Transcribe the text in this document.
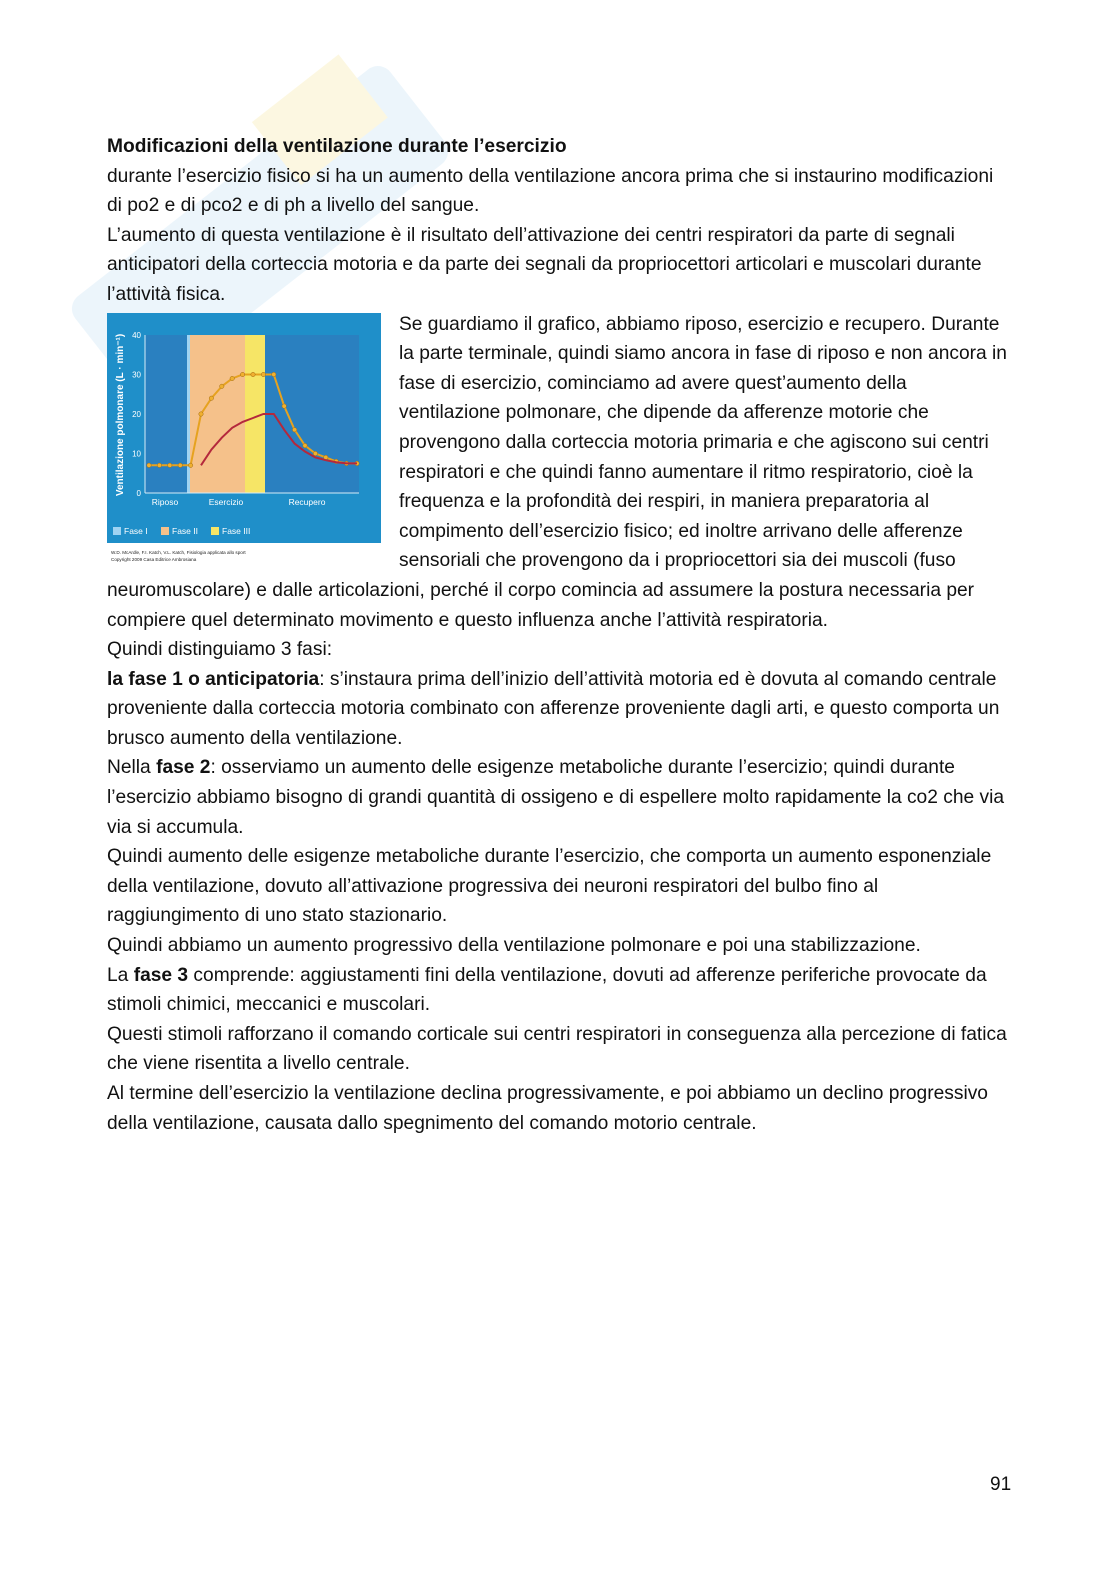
Modificazioni della ventilazione durante l’esercizio

durante l’esercizio fisico si ha un aumento della ventilazione ancora prima che si instaurino modificazioni di po2 e di pco2 e di ph a livello del sangue.

L’aumento di questa ventilazione è il risultato dell’attivazione dei centri respiratori da parte di segnali anticipatori della corteccia motoria e da parte dei segnali da propriocettori articolari e muscolari durante l’attività fisica.

0
10
20
30
40
Ventilazione polmonare (L · min⁻¹)
Riposo	Esercizio	Recupero
Fase I	Fase II	Fase III
W.D. McArdle, F.I. Katch, V.L. Katch, Fisiologia applicata allo sport
Copyright 2009 Casa Editrice Ambrosiana

Se guardiamo il grafico, abbiamo riposo, esercizio e recupero. Durante la parte terminale, quindi siamo ancora in fase di riposo e non ancora in fase di esercizio, cominciamo ad avere quest’aumento della ventilazione polmonare, che dipende da afferenze motorie che provengono dalla corteccia motoria primaria e che agiscono sui centri respiratori e che quindi fanno aumentare il ritmo respiratorio, cioè la frequenza e la profondità dei respiri, in maniera preparatoria al compimento dell’esercizio fisico; ed inoltre arrivano delle afferenze sensoriali che provengono da i propriocettori sia dei muscoli (fuso neuromuscolare) e dalle articolazioni, perché il corpo comincia ad assumere la postura necessaria per compiere quel determinato movimento e questo influenza anche l’attività respiratoria.

Quindi distinguiamo 3 fasi:

la fase 1 o anticipatoria: s’instaura prima dell’inizio dell’attività motoria ed è dovuta al comando centrale proveniente dalla corteccia motoria combinato con afferenze proveniente dagli arti, e questo comporta un brusco aumento della ventilazione.

Nella fase 2: osserviamo un aumento delle esigenze metaboliche durante l’esercizio; quindi durante l’esercizio abbiamo bisogno di grandi quantità di ossigeno e di espellere molto rapidamente la co2 che via via si accumula.

Quindi aumento delle esigenze metaboliche durante l’esercizio, che comporta un aumento esponenziale della ventilazione, dovuto all’attivazione progressiva dei neuroni respiratori del bulbo fino al raggiungimento di uno stato stazionario.

Quindi abbiamo un aumento progressivo della ventilazione polmonare e poi una stabilizzazione.

La fase 3 comprende: aggiustamenti fini della ventilazione, dovuti ad afferenze periferiche provocate da stimoli chimici, meccanici e muscolari.

Questi stimoli rafforzano il comando corticale sui centri respiratori in conseguenza alla percezione di fatica che viene risentita a livello centrale.

Al termine dell’esercizio la ventilazione declina progressivamente, e poi abbiamo un declino progressivo della ventilazione, causata dallo spegnimento del comando motorio centrale.

91
